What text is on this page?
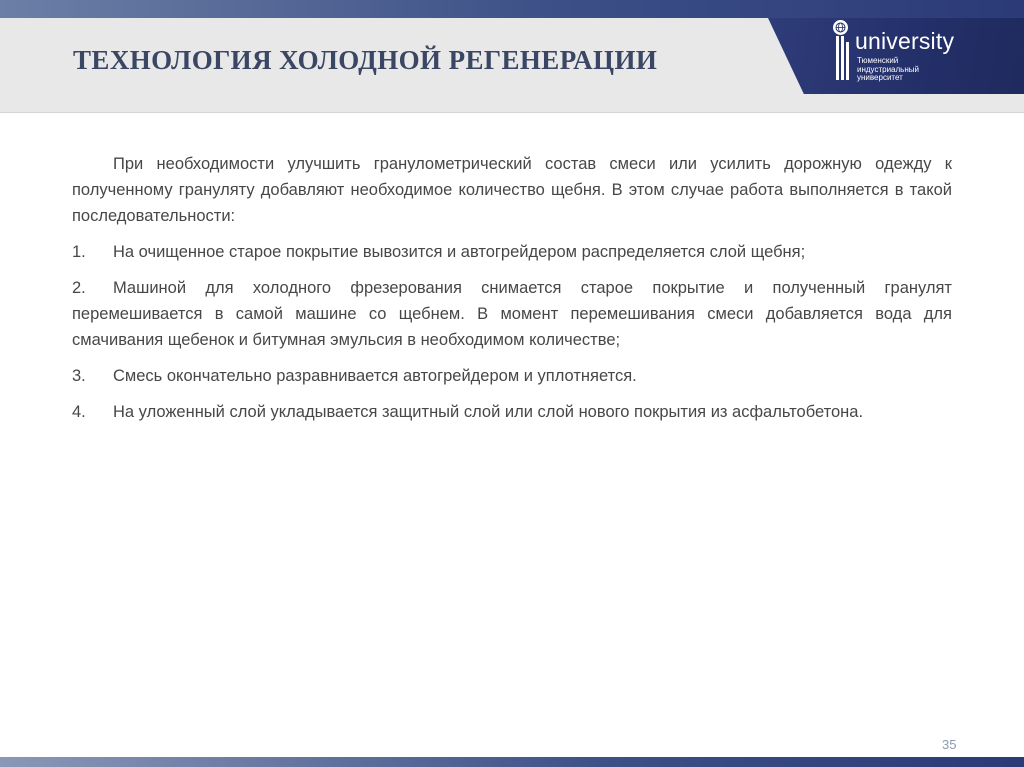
ТЕХНОЛОГИЯ ХОЛОДНОЙ РЕГЕНЕРАЦИИ
university
Тюменский
индустриальный
университет

При необходимости улучшить гранулометрический состав смеси или усилить дорожную одежду к полученному грануляту добавляют необходимое количество щебня. В этом случае работа выполняется в такой последовательности:

1. На очищенное старое покрытие вывозится и автогрейдером распределяется слой щебня;

2. Машиной для холодного фрезерования снимается старое покрытие и полученный гранулят перемешивается в самой машине со щебнем. В момент перемешивания смеси добавляется вода для смачивания щебенок и битумная эмульсия в необходимом количестве;

3. Смесь окончательно разравнивается автогрейдером и уплотняется.

4. На уложенный слой укладывается защитный слой или слой нового покрытия из асфальтобетона.

35
